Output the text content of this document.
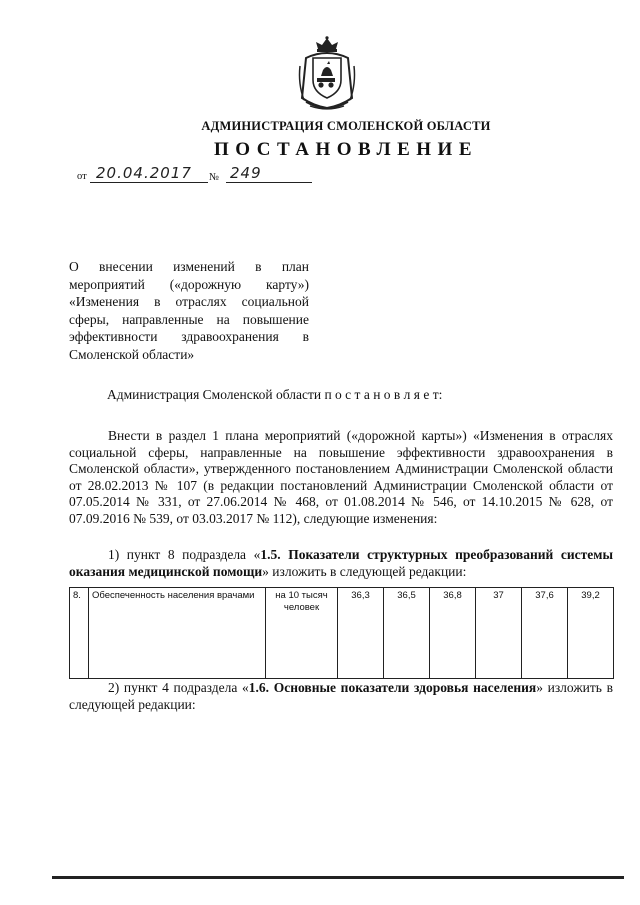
АДМИНИСТРАЦИЯ СМОЛЕНСКОЙ ОБЛАСТИ
ПОСТАНОВЛЕНИЕ
от 20.04.2017	№ 249
О внесении изменений в план мероприятий («дорожную карту») «Изменения в отраслях социальной сферы, направленные на повышение эффективности здравоохранения в Смоленской области»
Администрация Смоленской области п о с т а н о в л я е т:
Внести в раздел 1 плана мероприятий («дорожной карты») «Изменения в отраслях социальной сферы, направленные на повышение эффективности здравоохранения в Смоленской области», утвержденного постановлением Администрации Смоленской области от 28.02.2013 № 107 (в редакции постановлений Администрации Смоленской области от 07.05.2014 № 331, от 27.06.2014 № 468, от 01.08.2014 № 546, от 14.10.2015 № 628, от 07.09.2016 № 539, от 03.03.2017 № 112), следующие изменения:
1) пункт 8 подраздела «1.5. Показатели структурных преобразований системы оказания медицинской помощи» изложить в следующей редакции:
8.	Обеспеченность населения врачами	на 10 тысяч человек	36,3	36,5	36,8	37	37,6	39,2
2) пункт 4 подраздела «1.6. Основные показатели здоровья населения» изложить в следующей редакции:
